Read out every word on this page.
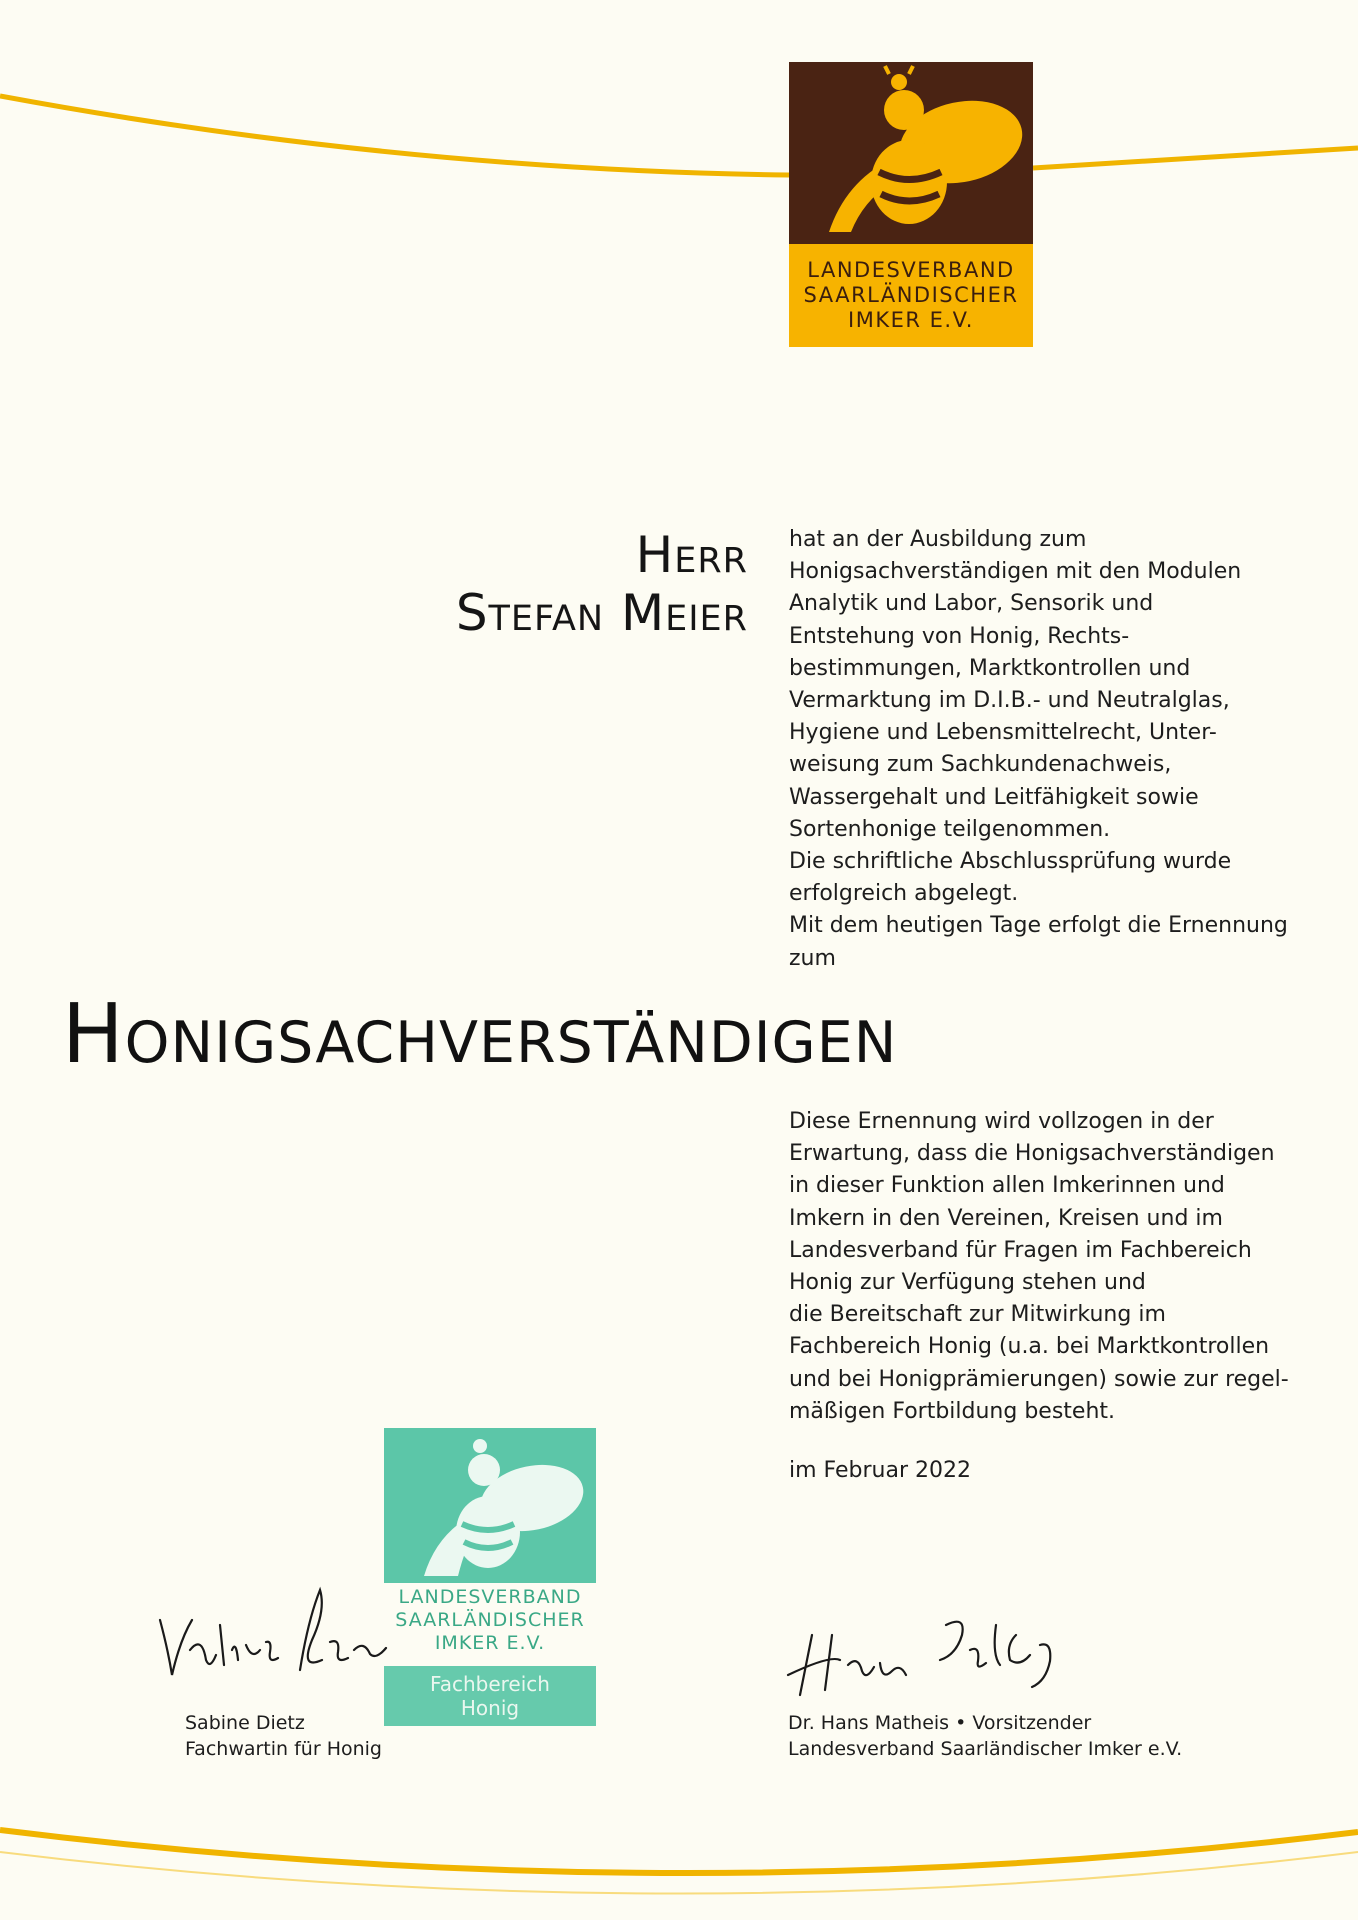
LANDESVERBAND
SAARLÄNDISCHER
IMKER E.V.
Herr
Stefan Meier
hat an der Ausbildung zum
Honigsachverständigen mit den Modulen
Analytik und Labor, Sensorik und
Entstehung von Honig, Rechts-
bestimmungen, Marktkontrollen und
Vermarktung im D.I.B.- und Neutralglas,
Hygiene und Lebensmittelrecht, Unter-
weisung zum Sachkundenachweis,
Wassergehalt und Leitfähigkeit sowie
Sortenhonige teilgenommen.
Die schriftliche Abschlussprüfung wurde
erfolgreich abgelegt.
Mit dem heutigen Tage erfolgt die Ernennung
zum
Honigsachverständigen
Diese Ernennung wird vollzogen in der
Erwartung, dass die Honigsachverständigen
in dieser Funktion allen Imkerinnen und
Imkern in den Vereinen, Kreisen und im
Landesverband für Fragen im Fachbereich
Honig zur Verfügung stehen und
die Bereitschaft zur Mitwirkung im
Fachbereich Honig (u.a. bei Marktkontrollen
und bei Honigprämierungen) sowie zur regel-
mäßigen Fortbildung besteht.
im Februar 2022
LANDESVERBAND
SAARLÄNDISCHER
IMKER E.V.
Fachbereich
Honig
Sabine Dietz
Fachwartin für Honig
Dr. Hans Matheis • Vorsitzender
Landesverband Saarländischer Imker e.V.
